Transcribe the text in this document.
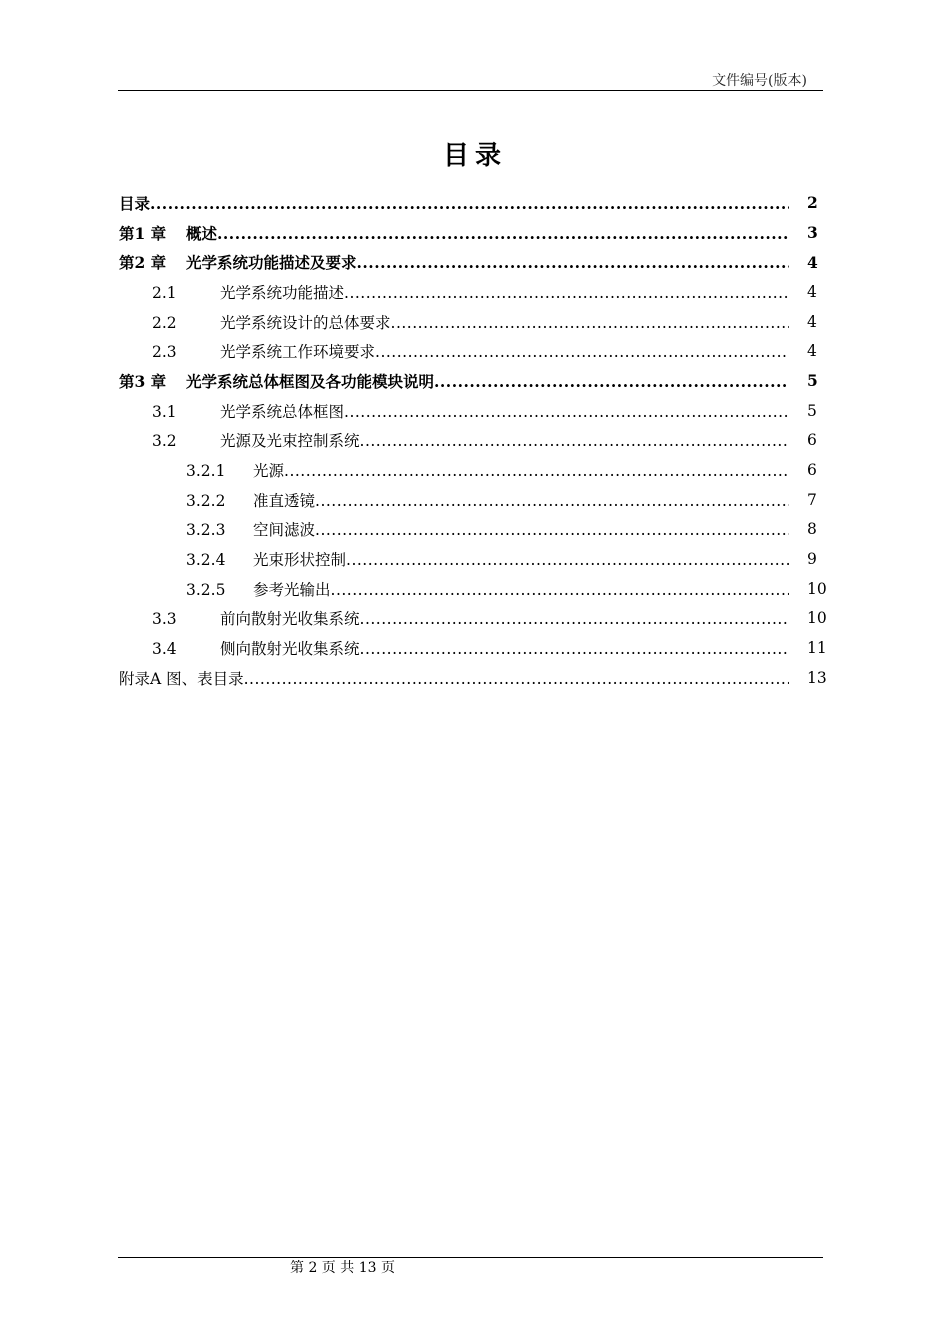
文件编号(版本)
目录
目录 .....	2
第1 章	概述 .....	3
第2 章	光学系统功能描述及要求 .....	4
2.1	光学系统功能描述 .....	4
2.2	光学系统设计的总体要求 .....	4
2.3	光学系统工作环境要求 .....	4
第3 章	光学系统总体框图及各功能模块说明 .....	5
3.1	光学系统总体框图 .....	5
3.2	光源及光束控制系统 .....	6
3.2.1	光源 .....	6
3.2.2	准直透镜 .....	7
3.2.3	空间滤波 .....	8
3.2.4	光束形状控制 .....	9
3.2.5	参考光输出 .....	10
3.3	前向散射光收集系统 .....	10
3.4	侧向散射光收集系统 .....	11
附录A 图、表目录 .....	13
第 2 页 共 13 页
